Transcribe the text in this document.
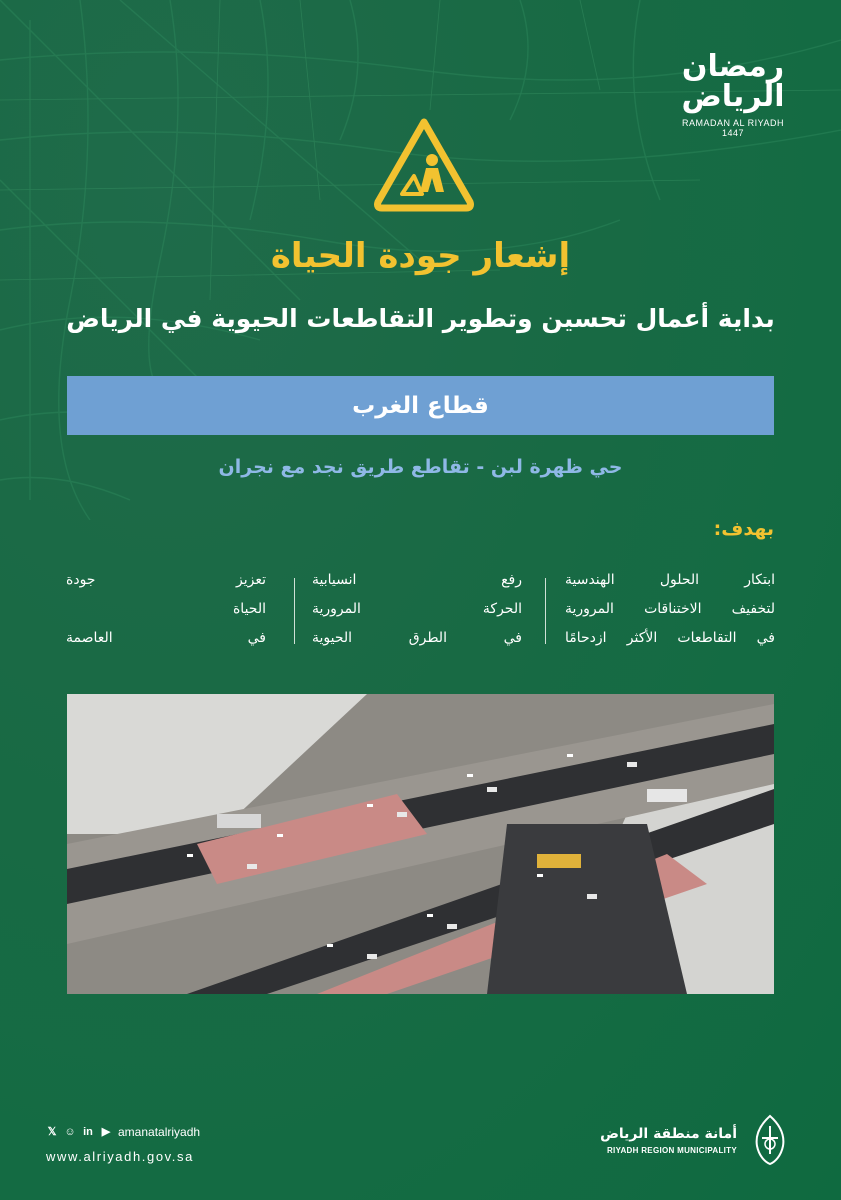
رمضان الرياض
RAMADAN AL RIYADH 1447
إشعار جودة الحياة
بداية أعمال تحسين وتطوير التقاطعات الحيوية في الرياض
قطاع الغرب
حي ظهرة لبن - تقاطع طريق نجد مع نجران
بهدف:
ابتكار الحلول الهندسية
لتخفيف الاختناقات المرورية
في التقاطعات الأكثر ازدحامًا
رفع انسيابية
الحركة المرورية
في الطرق الحيوية
تعزيز جودة
الحياة
في العاصمة
𝕏 ☺ in ▶ amanatalriyadh
www.alriyadh.gov.sa
أمانة منطقة الرياض
RIYADH REGION MUNICIPALITY
